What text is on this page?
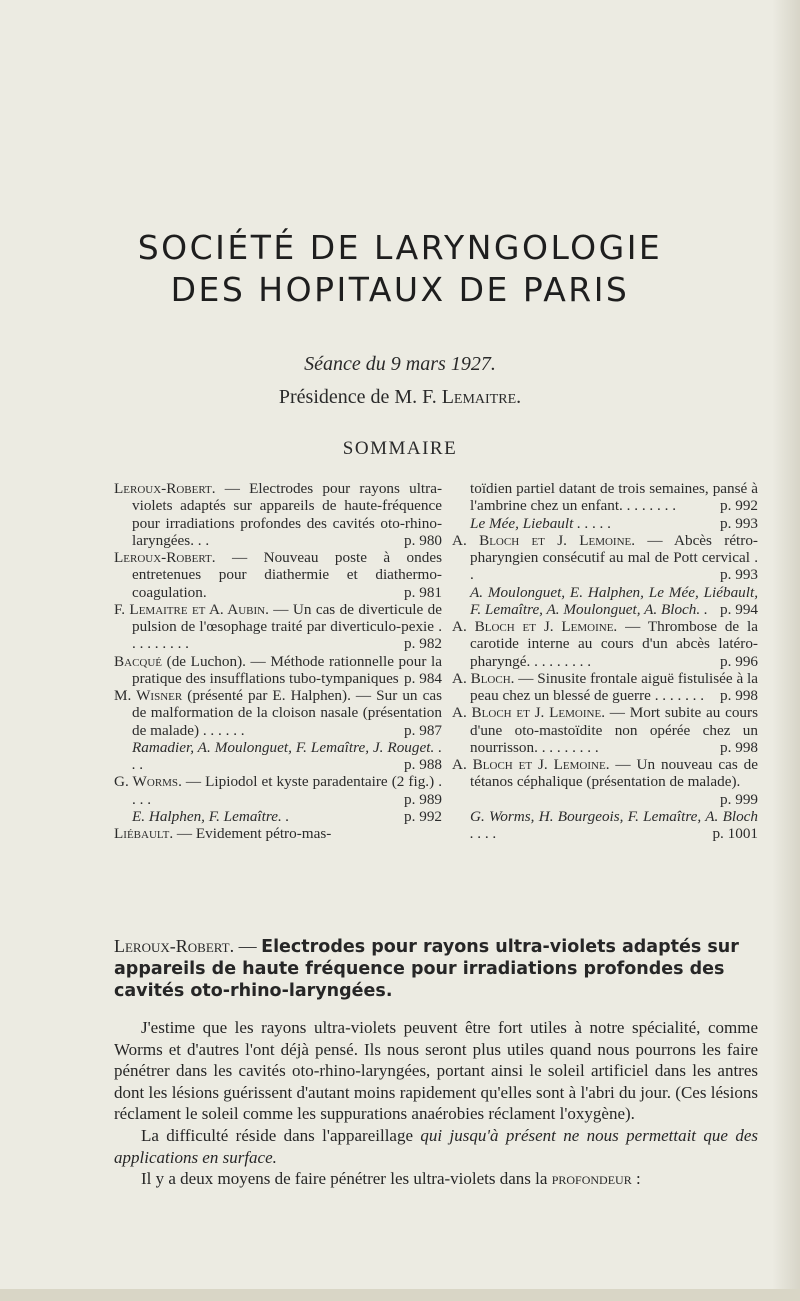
SOCIÉTÉ DE LARYNGOLOGIE
DES HOPITAUX DE PARIS
Séance du 9 mars 1927.
Présidence de M. F. Lemaitre.
SOMMAIRE
Leroux-Robert. — Electrodes pour rayons ultra-violets adaptés sur appareils de haute-fréquence pour irradiations profondes des cavités oto-rhino-laryngées. . .	p. 980
Leroux-Robert. — Nouveau poste à ondes entretenues pour diathermie et diathermo-coagulation.	p. 981
F. Lemaitre et A. Aubin. — Un cas de diverticule de pulsion de l'œsophage traité par diverticulo-pexie . . . . . . . . .	p. 982
Bacqué (de Luchon). — Méthode rationnelle pour la pratique des insufflations tubo-tympaniques p. 984
M. Wisner (présenté par E. Halphen). — Sur un cas de malformation de la cloison nasale (présentation de malade) . . . . . .	p. 987
Ramadier, A. Moulonguet, F. Lemaître, J. Rouget. . . .	p. 988
G. Worms. — Lipiodol et kyste paradentaire (2 fig.) . . . .	p. 989
E. Halphen, F. Lemaître. .	p. 992
Liébault. — Evidement pétro-mas-
toïdien partiel datant de trois semaines, pansé à l'ambrine chez un enfant. . . . . . . .	p. 992
Le Mée, Liebault . . . . .	p. 993
A. Bloch et J. Lemoine. — Abcès rétro-pharyngien consécutif au mal de Pott cervical . .	p. 993
A. Moulonguet, E. Halphen, Le Mée, Liébault, F. Lemaître, A. Moulonguet, A. Bloch. . p. 994
A. Bloch et J. Lemoine. — Thrombose de la carotide interne au cours d'un abcès latéro-pharyngé. . . . . . . . .	p. 996
A. Bloch. — Sinusite frontale aiguë fistulisée à la peau chez un blessé de guerre . . . . . . . p. 998
A. Bloch et J. Lemoine. — Mort subite au cours d'une oto-mastoïdite non opérée chez un nourrisson. . . . . . . . .	p. 998
A. Bloch et J. Lemoine. — Un nouveau cas de tétanos céphalique (présentation de malade).
p. 999
G. Worms, H. Bourgeois, F. Lemaître, A. Bloch . . . .	p. 1001
Leroux-Robert. — Electrodes pour rayons ultra-violets adaptés sur appareils de haute fréquence pour irradiations profondes des cavités oto-rhino-laryngées.

J'estime que les rayons ultra-violets peuvent être fort utiles à notre spécialité, comme Worms et d'autres l'ont déjà pensé. Ils nous seront plus utiles quand nous pourrons les faire pénétrer dans les cavités oto-rhino-laryngées, portant ainsi le soleil artificiel dans les antres dont les lésions guérissent d'autant moins rapidement qu'elles sont à l'abri du jour. (Ces lésions réclament le soleil comme les suppurations anaérobies réclament l'oxygène).

La difficulté réside dans l'appareillage qui jusqu'à présent ne nous permettait que des applications en surface.

Il y a deux moyens de faire pénétrer les ultra-violets dans la profondeur :
